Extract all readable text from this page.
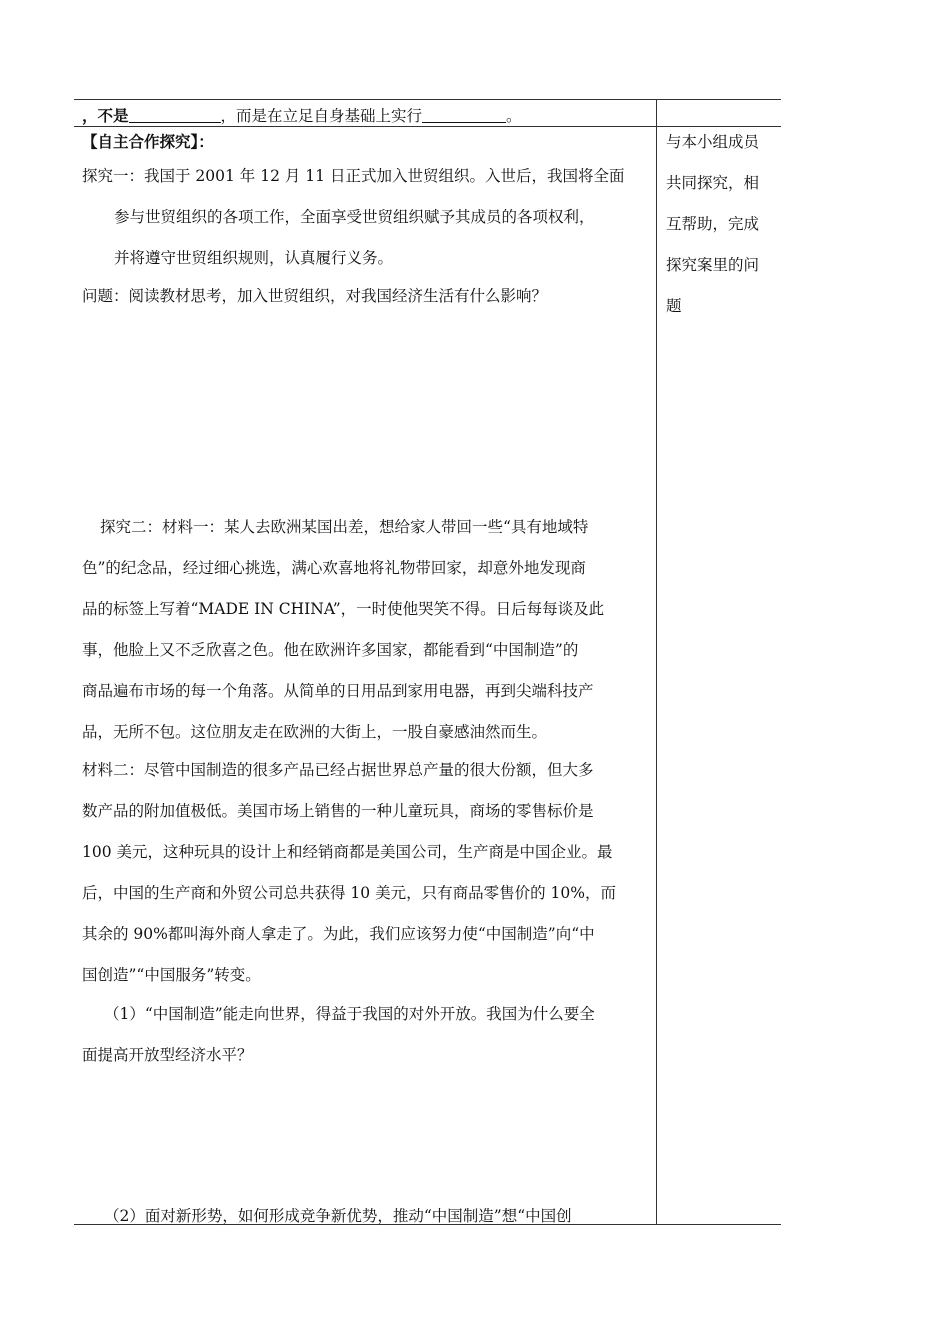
，不是	，而是在立足自身基础上实行	。
【自主合作探究】：
探究一：我国于 2001 年 12 月 11 日正式加入世贸组织。入世后，我国将全面
参与世贸组织的各项工作，全面享受世贸组织赋予其成员的各项权利，
并将遵守世贸组织规则，认真履行义务。
问题：阅读教材思考，加入世贸组织，对我国经济生活有什么影响？
探究二：材料一：某人去欧洲某国出差，想给家人带回一些“具有地域特
色”的纪念品，经过细心挑选，满心欢喜地将礼物带回家，却意外地发现商
品的标签上写着“MADE IN CHINA”，一时使他哭笑不得。日后每每谈及此
事，他脸上又不乏欣喜之色。他在欧洲许多国家，都能看到“中国制造”的
商品遍布市场的每一个角落。从简单的日用品到家用电器，再到尖端科技产
品，无所不包。这位朋友走在欧洲的大街上，一股自豪感油然而生。
材料二：尽管中国制造的很多产品已经占据世界总产量的很大份额，但大多
数产品的附加值极低。美国市场上销售的一种儿童玩具，商场的零售标价是
100 美元，这种玩具的设计上和经销商都是美国公司，生产商是中国企业。最
后，中国的生产商和外贸公司总共获得 10 美元，只有商品零售价的 10%，而
其余的 90%都叫海外商人拿走了。为此，我们应该努力使“中国制造”向“中
国创造”“中国服务”转变。
（1）“中国制造”能走向世界，得益于我国的对外开放。我国为什么要全
面提高开放型经济水平？
（2）面对新形势，如何形成竞争新优势，推动“中国制造”想“中国创
与本小组成员
共同探究，相
互帮助，完成
探究案里的问
题
